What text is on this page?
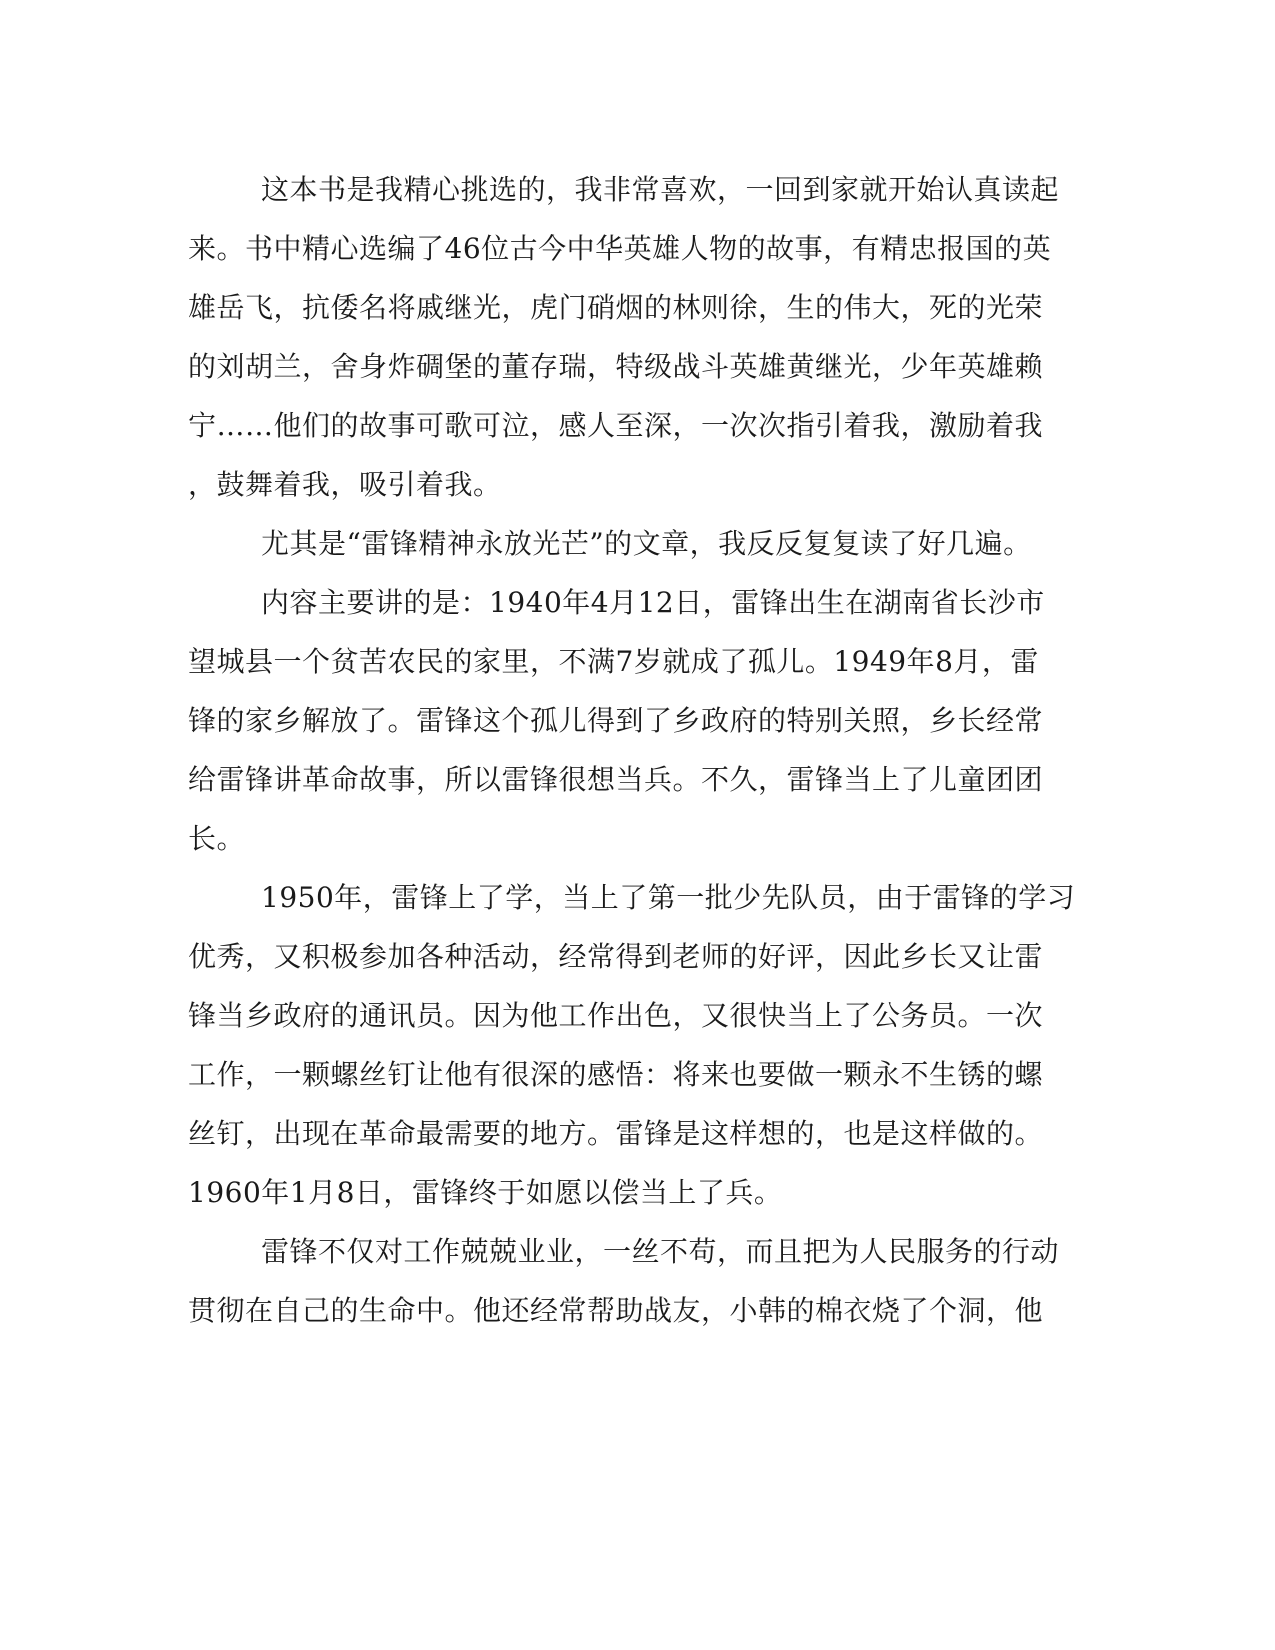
这本书是我精心挑选的，我非常喜欢，一回到家就开始认真读起
来。书中精心选编了46位古今中华英雄人物的故事，有精忠报国的英
雄岳飞，抗倭名将戚继光，虎门硝烟的林则徐，生的伟大，死的光荣
的刘胡兰，舍身炸碉堡的董存瑞，特级战斗英雄黄继光，少年英雄赖
宁……他们的故事可歌可泣，感人至深，一次次指引着我，激励着我
，鼓舞着我，吸引着我。
尤其是“雷锋精神永放光芒”的文章，我反反复复读了好几遍。
内容主要讲的是：1940年4月12日，雷锋出生在湖南省长沙市
望城县一个贫苦农民的家里，不满7岁就成了孤儿。1949年8月，雷
锋的家乡解放了。雷锋这个孤儿得到了乡政府的特别关照，乡长经常
给雷锋讲革命故事，所以雷锋很想当兵。不久，雷锋当上了儿童团团
长。
1950年，雷锋上了学，当上了第一批少先队员，由于雷锋的学习
优秀，又积极参加各种活动，经常得到老师的好评，因此乡长又让雷
锋当乡政府的通讯员。因为他工作出色，又很快当上了公务员。一次
工作，一颗螺丝钉让他有很深的感悟：将来也要做一颗永不生锈的螺
丝钉，出现在革命最需要的地方。雷锋是这样想的，也是这样做的。
1960年1月8日，雷锋终于如愿以偿当上了兵。
雷锋不仅对工作兢兢业业，一丝不苟，而且把为人民服务的行动
贯彻在自己的生命中。他还经常帮助战友，小韩的棉衣烧了个洞，他
